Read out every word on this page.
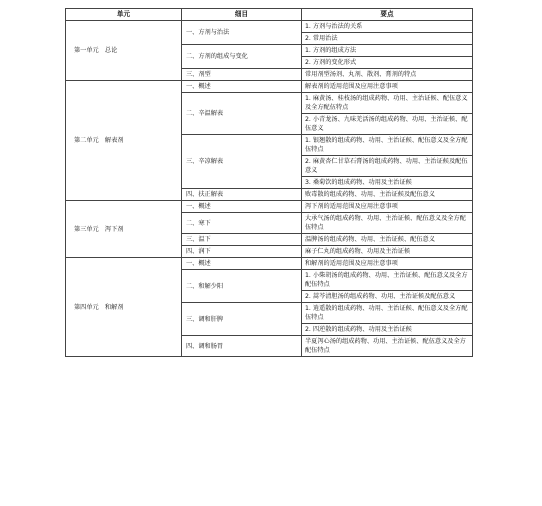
单元	细目	要点
第一单元　总论	一、方剂与治法	1. 方剂与治法的关系
		2. 常用治法
	二、方剂的组成与变化	1. 方剂的组成方法
		2. 方剂的变化形式
	三、剂型	常用剂型汤剂、丸剂、散剂、膏剂的特点
第二单元　解表剂	一、概述	解表剂的适用范围及应用注意事项
	二、辛温解表	1. 麻黄汤、桂枝汤的组成药物、功用、主治证候、配伍意义及全方配伍特点
		2. 小青龙汤、九味羌活汤的组成药物、功用、主治证候、配伍意义
	三、辛凉解表	1. 银翘散的组成药物、功用、主治证候、配伍意义及全方配伍特点
		2. 麻黄杏仁甘草石膏汤的组成药物、功用、主治证候及配伍意义
		3. 桑菊饮的组成药物、功用及主治证候
	四、扶正解表	败毒散的组成药物、功用、主治证候及配伍意义
第三单元　泻下剂	一、概述	泻下剂的适用范围及应用注意事项
	二、寒下	大承气汤的组成药物、功用、主治证候、配伍意义及全方配伍特点
	三、温下	温脾汤的组成药物、功用、主治证候、配伍意义
	四、润下	麻子仁丸的组成药物、功用及主治证候
第四单元　和解剂	一、概述	和解剂的适用范围及应用注意事项
	二、和解少阳	1. 小柴胡汤的组成药物、功用、主治证候、配伍意义及全方配伍特点
		2. 蒿芩清胆汤的组成药物、功用、主治证候及配伍意义
	三、调和肝脾	1. 逍遥散的组成药物、功用、主治证候、配伍意义及全方配伍特点
		2. 四逆散的组成药物、功用及主治证候
	四、调和肠胃	半夏泻心汤的组成药物、功用、主治证候、配伍意义及全方配伍特点
